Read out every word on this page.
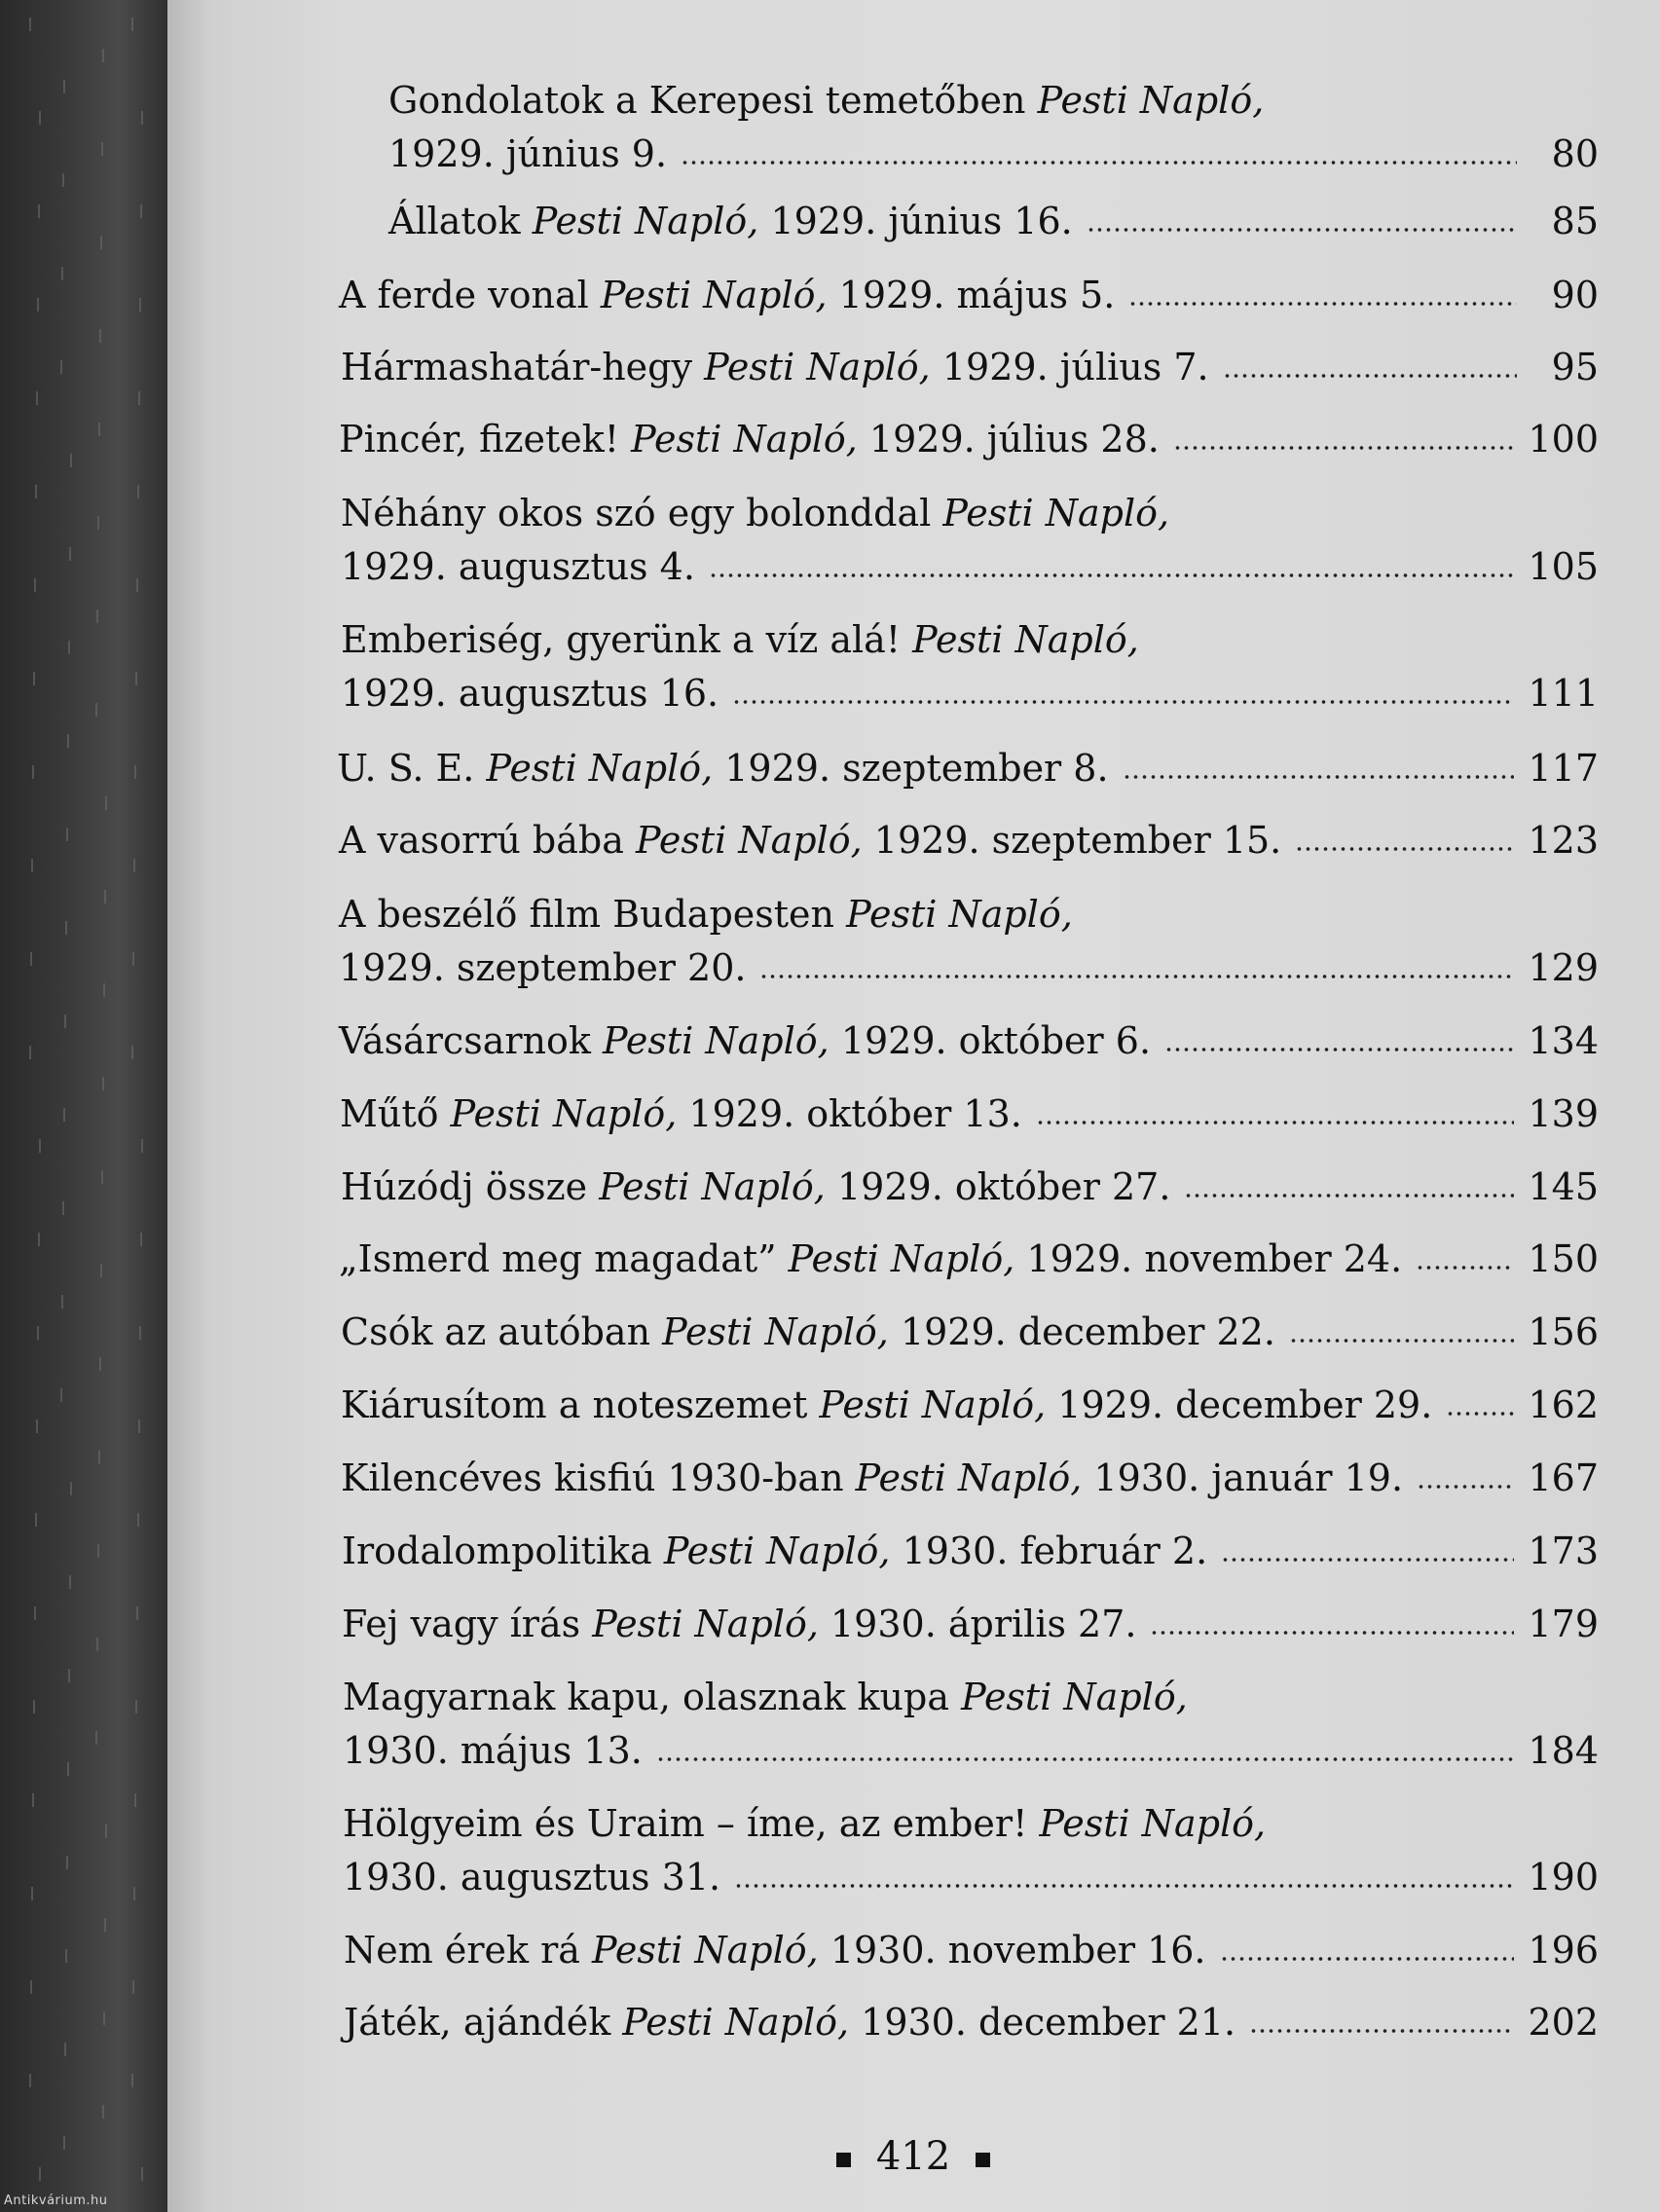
Gondolatok a Kerepesi temetőben
Pesti Napló,
1929. június 9.	80
Állatok
Pesti Napló,
1929. június 16.	85
A ferde vonal
Pesti Napló,
1929. május 5.	90
Hármashatár-hegy
Pesti Napló,
1929. július 7.	95
Pincér, fizetek!
Pesti Napló,
1929. július 28.	100
Néhány okos szó egy bolonddal
Pesti Napló,
1929. augusztus 4.	105
Emberiség, gyerünk a víz alá!
Pesti Napló,
1929. augusztus 16.	111
U. S. E.
Pesti Napló,
1929. szeptember 8.	117
A vasorrú bába
Pesti Napló,
1929. szeptember 15.	123
A beszélő film Budapesten
Pesti Napló,
1929. szeptember 20.	129
Vásárcsarnok
Pesti Napló,
1929. október 6.	134
Műtő
Pesti Napló,
1929. október 13.	139
Húzódj össze
Pesti Napló,
1929. október 27.	145
„Ismerd meg magadat”
Pesti Napló,
1929. november 24.	150
Csók az autóban
Pesti Napló,
1929. december 22.	156
Kiárusítom a noteszemet
Pesti Napló,
1929. december 29.	162
Kilencéves kisfiú 1930-ban
Pesti Napló,
1930. január 19.	167
Irodalompolitika
Pesti Napló,
1930. február 2.	173
Fej vagy írás
Pesti Napló,
1930. április 27.	179
Magyarnak kapu, olasznak kupa
Pesti Napló,
1930. május 13.	184
Hölgyeim és Uraim – íme, az ember!
Pesti Napló,
1930. augusztus 31.	190
Nem érek rá
Pesti Napló,
1930. november 16.	196
Játék, ajándék
Pesti Napló,
1930. december 21.	202
412
Antikvárium.hu
